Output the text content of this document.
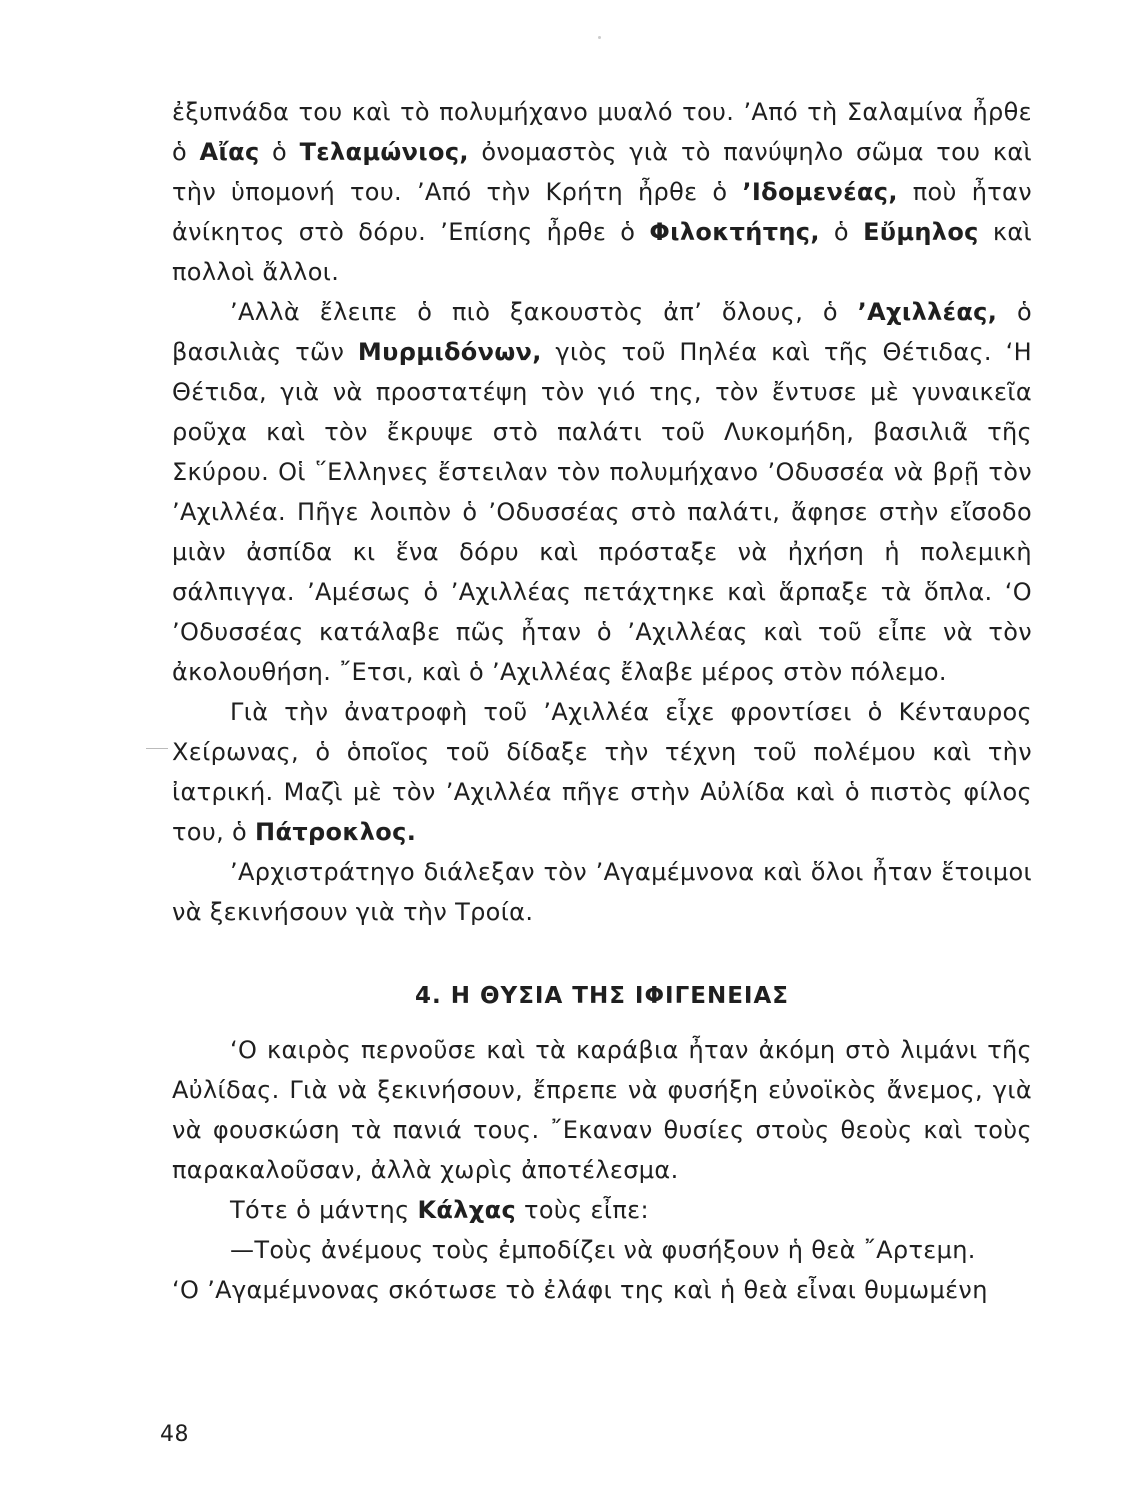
ἐξυπνάδα του καὶ τὸ πολυμήχανο μυαλό του. ’Από τὴ Σαλαμίνα ἦρθε ὁ Αἴας ὁ Τελαμώνιος, ὀνομαστὸς γιὰ τὸ πανύψηλο σῶμα του καὶ τὴν ὑπομονή του. ’Από τὴν Κρήτη ἦρθε ὁ ’Ιδομενέας, ποὺ ἦταν ἀνίκητος στὸ δόρυ. ’Επίσης ἦρθε ὁ Φιλοκτήτης, ὁ Εὔμηλος καὶ πολλοὶ ἄλλοι.

’Αλλὰ ἔλειπε ὁ πιὸ ξακουστὸς ἀπ’ ὅλους, ὁ ’Αχιλλέας, ὁ βασιλιὰς τῶν Μυρμιδόνων, γιὸς τοῦ Πηλέα καὶ τῆς Θέτιδας. ‘Η Θέτιδα, γιὰ νὰ προστατέψη τὸν γιό της, τὸν ἔντυσε μὲ γυναικεῖα ροῦχα καὶ τὸν ἔκρυψε στὸ παλάτι τοῦ Λυκομήδη, βασιλιᾶ τῆς Σκύρου. Οἱ ῞Ελληνες ἔστειλαν τὸν πολυμήχανο ’Οδυσσέα νὰ βρῇ τὸν ’Αχιλλέα. Πῆγε λοιπὸν ὁ ’Οδυσσέας στὸ παλάτι, ἄφησε στὴν εἴσοδο μιὰν ἀσπίδα κι ἕνα δόρυ καὶ πρόσταξε νὰ ἠχήση ἡ πολεμικὴ σάλπιγγα. ’Αμέσως ὁ ’Αχιλλέας πετάχτηκε καὶ ἅρπαξε τὰ ὅπλα. ‘Ο ’Οδυσσέας κατάλαβε πῶς ἦταν ὁ ’Αχιλλέας καὶ τοῦ εἶπε νὰ τὸν ἀκολουθήση. ῎Ετσι, καὶ ὁ ’Αχιλλέας ἔλαβε μέρος στὸν πόλεμο.

Γιὰ τὴν ἀνατροφὴ τοῦ ’Αχιλλέα εἶχε φροντίσει ὁ Κένταυρος Χείρωνας, ὁ ὁποῖος τοῦ δίδαξε τὴν τέχνη τοῦ πολέμου καὶ τὴν ἰατρική. Μαζὶ μὲ τὸν ’Αχιλλέα πῆγε στὴν Αὐλίδα καὶ ὁ πιστὸς φίλος του, ὁ Πάτροκλος.

’Αρχιστράτηγο διάλεξαν τὸν ’Αγαμέμνονα καὶ ὅλοι ἦταν ἕτοιμοι νὰ ξεκινήσουν γιὰ τὴν Τροία.

4. Η ΘΥΣΙΑ ΤΗΣ ΙΦΙΓΕΝΕΙΑΣ

‘Ο καιρὸς περνοῦσε καὶ τὰ καράβια ἦταν ἀκόμη στὸ λιμάνι τῆς Αὐλίδας. Γιὰ νὰ ξεκινήσουν, ἔπρεπε νὰ φυσήξη εὐνοϊκὸς ἄνεμος, γιὰ νὰ φουσκώση τὰ πανιά τους. ῎Εκαναν θυσίες στοὺς θεοὺς καὶ τοὺς παρακαλοῦσαν, ἀλλὰ χωρὶς ἀποτέλεσμα.

Τότε ὁ μάντης Κάλχας τοὺς εἶπε:

—Τοὺς ἀνέμους τοὺς ἐμποδίζει νὰ φυσήξουν ἡ θεὰ ῎Αρτεμη.

‘Ο ’Αγαμέμνονας σκότωσε τὸ ἐλάφι της καὶ ἡ θεὰ εἶναι θυμωμένη

48
